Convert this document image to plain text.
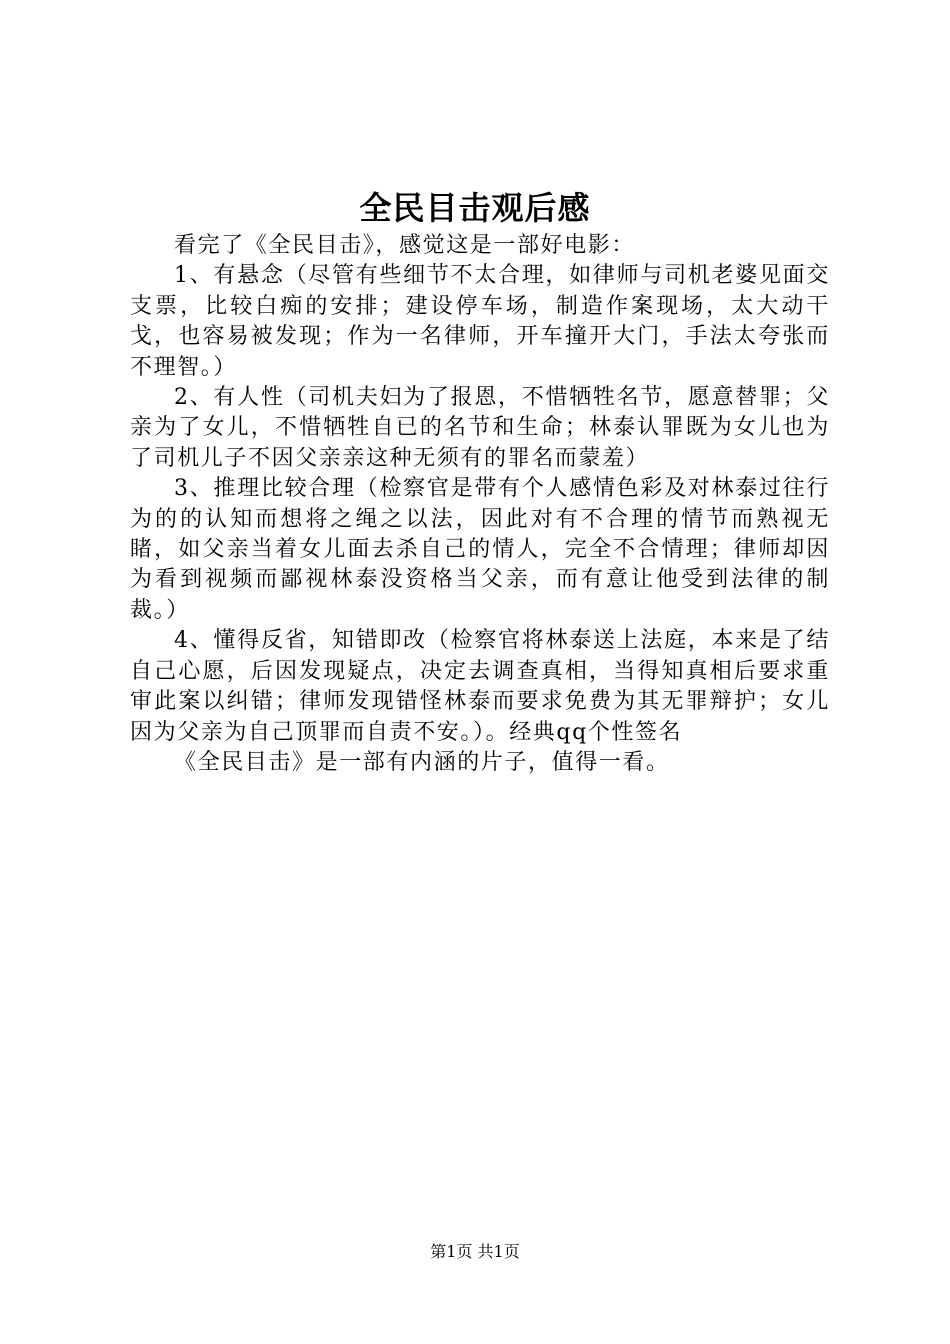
全民目击观后感

看完了《全民目击》，感觉这是一部好电影：

1、有悬念（尽管有些细节不太合理，如律师与司机老婆见面交支票，比较白痴的安排；建设停车场，制造作案现场，太大动干戈，也容易被发现；作为一名律师，开车撞开大门，手法太夸张而不理智。）

2、有人性（司机夫妇为了报恩，不惜牺牲名节，愿意替罪；父亲为了女儿，不惜牺牲自已的名节和生命；林泰认罪既为女儿也为了司机儿子不因父亲亲这种无须有的罪名而蒙羞）

3、推理比较合理（检察官是带有个人感情色彩及对林泰过往行为的的认知而想将之绳之以法，因此对有不合理的情节而熟视无睹，如父亲当着女儿面去杀自己的情人，完全不合情理；律师却因为看到视频而鄙视林泰没资格当父亲，而有意让他受到法律的制裁。）

4、懂得反省，知错即改（检察官将林泰送上法庭，本来是了结自己心愿，后因发现疑点，决定去调查真相，当得知真相后要求重审此案以纠错；律师发现错怪林泰而要求免费为其无罪辩护；女儿因为父亲为自己顶罪而自责不安。）。经典qq个性签名

《全民目击》是一部有内涵的片子，值得一看。

第1页 共1页
